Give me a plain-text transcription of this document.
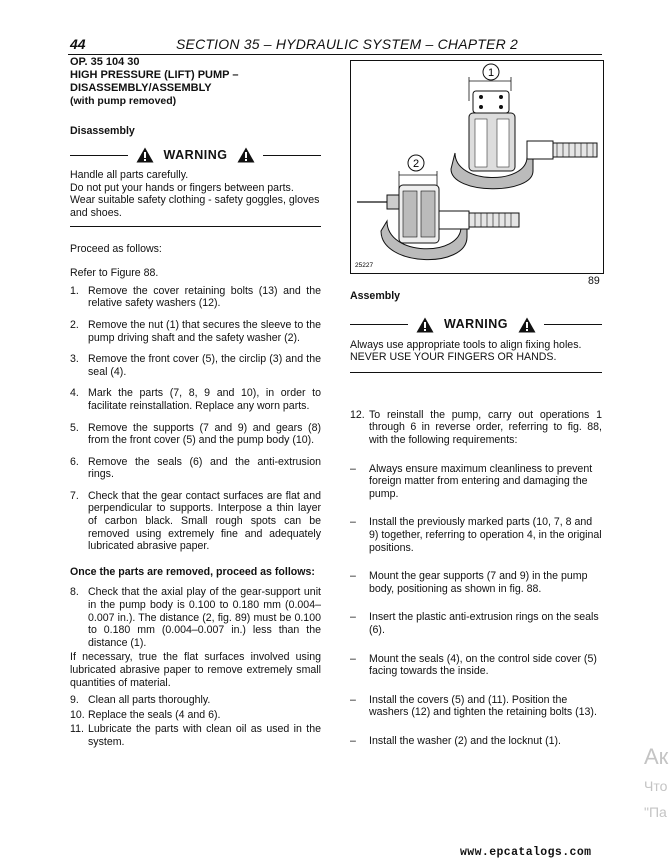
44	SECTION 35 – HYDRAULIC SYSTEM – CHAPTER 2
OP. 35 104 30
HIGH PRESSURE (LIFT) PUMP –
DISASSEMBLY/ASSEMBLY
(with pump removed)
Disassembly
WARNING
Handle all parts carefully.
Do not put your hands or fingers between parts. Wear suitable safety clothing - safety goggles, gloves and shoes.
Proceed as follows:
Refer to Figure 88.
1. Remove the cover retaining bolts (13) and the relative safety washers (12).
2. Remove the nut (1) that secures the sleeve to the pump driving shaft and the safety washer (2).
3. Remove the front cover (5), the circlip (3) and the seal (4).
4. Mark the parts (7, 8, 9 and 10), in order to facilitate reinstallation. Replace any worn parts.
5. Remove the supports (7 and 9) and gears (8) from the front cover (5) and the pump body (10).
6. Remove the seals (6) and the anti-extrusion rings.
7. Check that the gear contact surfaces are flat and perpendicular to supports. Interpose a thin layer of carbon black. Small rough spots can be removed using extremely fine and adequately lubricated abrasive paper.
Once the parts are removed, proceed as follows:
8. Check that the axial play of the gear-support unit in the pump body is 0.100 to 0.180 mm (0.004–0.007 in.). The distance (2, fig. 89) must be 0.100 to 0.180 mm (0.004–0.007 in.) less than the distance (1).
If necessary, true the flat surfaces involved using lubricated abrasive paper to remove extremely small quantities of material.
9. Clean all parts thoroughly.
10. Replace the seals (4 and 6).
11. Lubricate the parts with clean oil as used in the system.
1
2
25227
89
Assembly
WARNING
Always use appropriate tools to align fixing holes. NEVER USE YOUR FINGERS OR HANDS.
12. To reinstall the pump, carry out operations 1 through 6 in reverse order, referring to fig. 88, with the following requirements:
–	Always ensure maximum cleanliness to prevent foreign matter from entering and damaging the pump.
–	Install the previously marked parts (10, 7, 8 and 9) together, referring to operation 4, in the original positions.
–	Mount the gear supports (7 and 9) in the pump body, positioning as shown in fig. 88.
–	Insert the plastic anti-extrusion rings on the seals (6).
–	Mount the seals (4), on the control side cover (5) facing towards the inside.
–	Install the covers (5) and (11). Position the washers (12) and tighten the retaining bolts (13).
–	Install the washer (2) and the locknut (1).
Ак
Что
"Па
www.epcatalogs.com
